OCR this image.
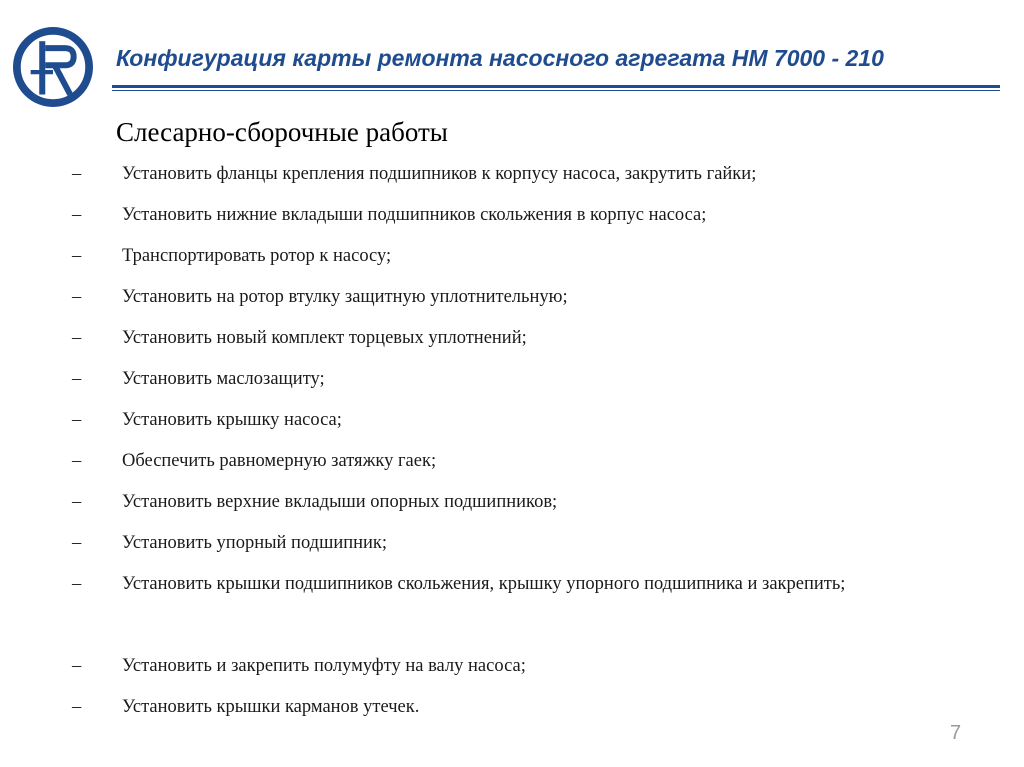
Конфигурация карты ремонта насосного агрегата НМ 7000 - 210
Слесарно-сборочные работы
– Установить фланцы крепления подшипников к корпусу насоса, закрутить гайки;
– Установить нижние вкладыши подшипников скольжения в корпус насоса;
– Транспортировать ротор к насосу;
– Установить на ротор втулку защитную уплотнительную;
– Установить новый комплект торцевых уплотнений;
– Установить маслозащиту;
– Установить крышку насоса;
– Обеспечить равномерную затяжку гаек;
– Установить верхние вкладыши опорных подшипников;
– Установить упорный подшипник;
–	Установить крышки подшипников скольжения, крышку упорного подшипника и закрепить;
– Установить и закрепить полумуфту на валу насоса;
– Установить крышки карманов утечек.
7
